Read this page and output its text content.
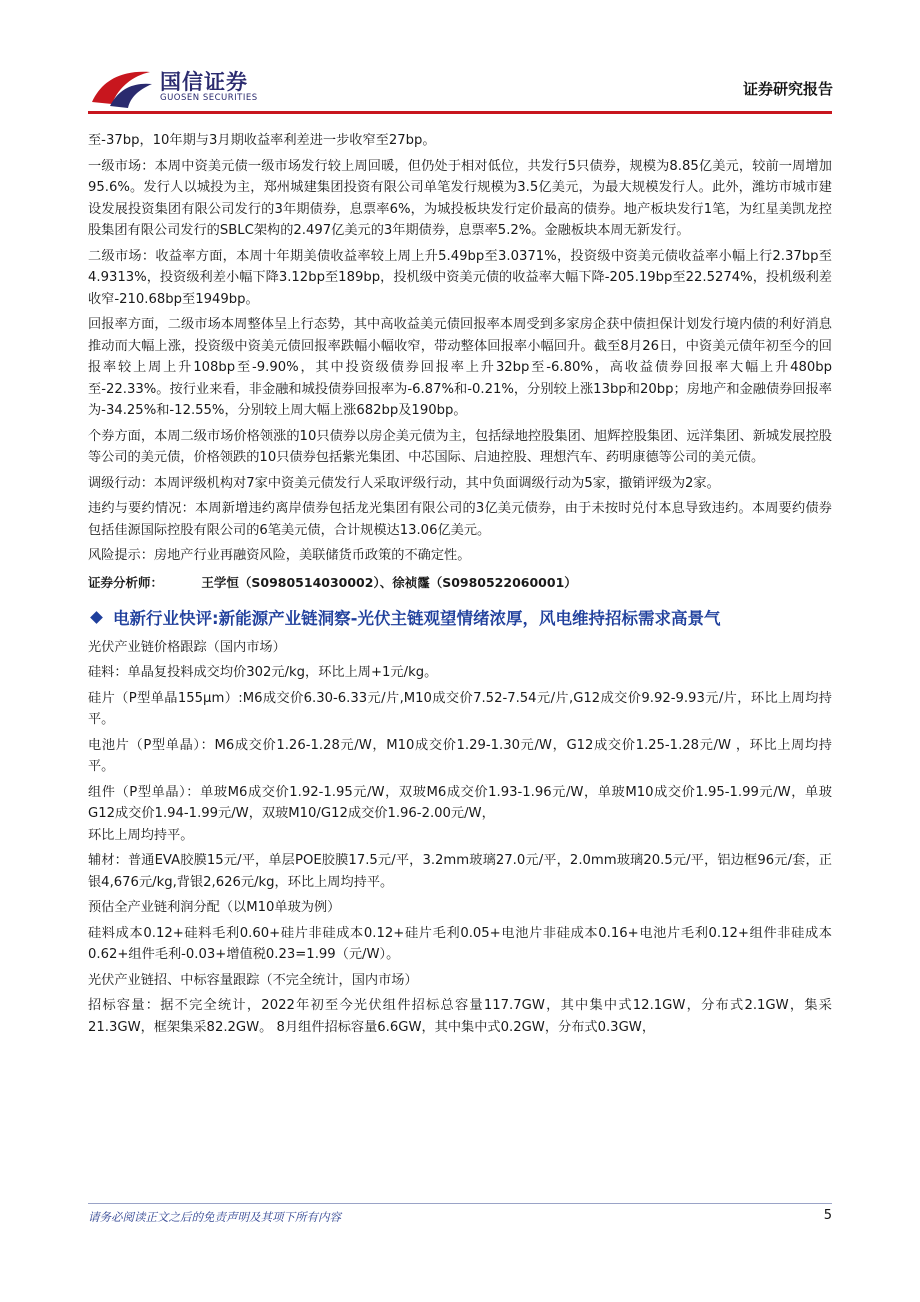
国信证券
GUOSEN SECURITIES	证券研究报告

至-37bp，10年期与3月期收益率利差进一步收窄至27bp。

一级市场：本周中资美元债一级市场发行较上周回暖，但仍处于相对低位，共发行5只债券，规模为8.85亿美元，较前一周增加95.6%。发行人以城投为主，郑州城建集团投资有限公司单笔发行规模为3.5亿美元，为最大规模发行人。此外，潍坊市城市建设发展投资集团有限公司发行的3年期债券，息票率6%，为城投板块发行定价最高的债券。地产板块发行1笔，为红星美凯龙控股集团有限公司发行的SBLC架构的2.497亿美元的3年期债券，息票率5.2%。金融板块本周无新发行。

二级市场：收益率方面，本周十年期美债收益率较上周上升5.49bp至3.0371%，投资级中资美元债收益率小幅上行2.37bp至4.9313%，投资级利差小幅下降3.12bp至189bp，投机级中资美元债的收益率大幅下降-205.19bp至22.5274%，投机级利差收窄-210.68bp至1949bp。

回报率方面，二级市场本周整体呈上行态势，其中高收益美元债回报率本周受到多家房企获中债担保计划发行境内债的利好消息推动而大幅上涨，投资级中资美元债回报率跌幅小幅收窄，带动整体回报率小幅回升。截至8月26日，中资美元债年初至今的回报率较上周上升108bp至-9.90%，其中投资级债券回报率上升32bp至-6.80%，高收益债券回报率大幅上升480bp至-22.33%。按行业来看，非金融和城投债券回报率为-6.87%和-0.21%，分别较上涨13bp和20bp；房地产和金融债券回报率为-34.25%和-12.55%，分别较上周大幅上涨682bp及190bp。

个券方面，本周二级市场价格领涨的10只债券以房企美元债为主，包括绿地控股集团、旭辉控股集团、远洋集团、新城发展控股等公司的美元债，价格领跌的10只债券包括紫光集团、中芯国际、启迪控股、理想汽车、药明康德等公司的美元债。

调级行动：本周评级机构对7家中资美元债发行人采取评级行动，其中负面调级行动为5家，撤销评级为2家。

违约与要约情况：本周新增违约离岸债券包括龙光集团有限公司的3亿美元债券，由于未按时兑付本息导致违约。本周要约债券包括佳源国际控股有限公司的6笔美元债，合计规模达13.06亿美元。

风险提示：房地产行业再融资风险，美联储货币政策的不确定性。

证券分析师：	王学恒（S0980514030002）、徐祯霳（S0980522060001）
电新行业快评:新能源产业链洞察-光伏主链观望情绪浓厚，风电维持招标需求高景气

光伏产业链价格跟踪（国内市场）

硅料：单晶复投料成交均价302元/kg，环比上周+1元/kg。

硅片（P型单晶155μm）:M6成交价6.30-6.33元/片,M10成交价7.52-7.54元/片,G12成交价9.92-9.93元/片，环比上周均持平。

电池片（P型单晶）：M6成交价1.26-1.28元/W，M10成交价1.29-1.30元/W，G12成交价1.25-1.28元/W ，环比上周均持平。

组件（P型单晶）：单玻M6成交价1.92-1.95元/W，双玻M6成交价1.93-1.96元/W，单玻M10成交价1.95-1.99元/W，单玻G12成交价1.94-1.99元/W，双玻M10/G12成交价1.96-2.00元/W，

环比上周均持平。

辅材：普通EVA胶膜15元/平，单层POE胶膜17.5元/平，3.2mm玻璃27.0元/平，2.0mm玻璃20.5元/平，铝边框96元/套，正银4,676元/kg,背银2,626元/kg，环比上周均持平。

预估全产业链利润分配（以M10单玻为例）

硅料成本0.12+硅料毛利0.60+硅片非硅成本0.12+硅片毛利0.05+电池片非硅成本0.16+电池片毛利0.12+组件非硅成本0.62+组件毛利-0.03+增值税0.23=1.99（元/W）。

光伏产业链招、中标容量跟踪（不完全统计，国内市场）

招标容量：据不完全统计，2022年初至今光伏组件招标总容量117.7GW，其中集中式12.1GW，分布式2.1GW，集采21.3GW，框架集采82.2GW。 8月组件招标容量6.6GW，其中集中式0.2GW，分布式0.3GW，

请务必阅读正文之后的免责声明及其项下所有内容	5
